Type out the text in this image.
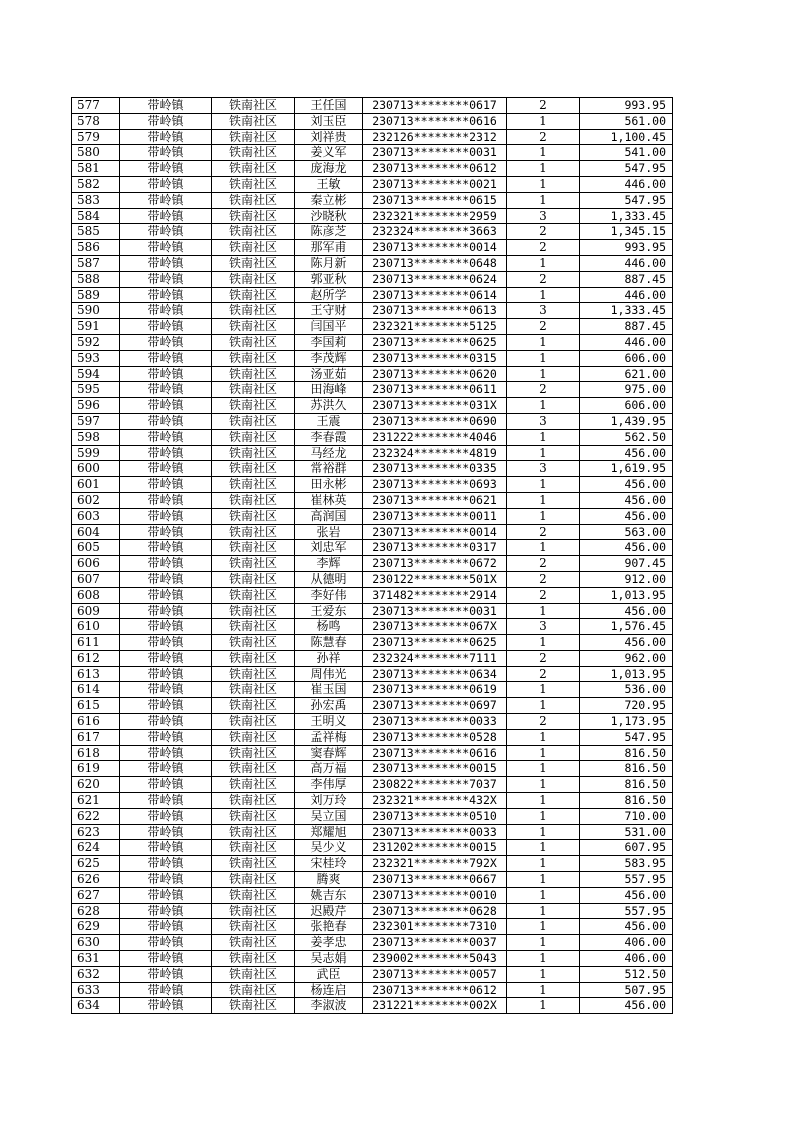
577	带岭镇	铁南社区	王任国	230713********0617	2	993.95
578	带岭镇	铁南社区	刘玉臣	230713********0616	1	561.00
579	带岭镇	铁南社区	刘祥贵	232126********2312	2	1,100.45
580	带岭镇	铁南社区	姜义军	230713********0031	1	541.00
581	带岭镇	铁南社区	庞海龙	230713********0612	1	547.95
582	带岭镇	铁南社区	王敏	230713********0021	1	446.00
583	带岭镇	铁南社区	秦立彬	230713********0615	1	547.95
584	带岭镇	铁南社区	沙晓秋	232321********2959	3	1,333.45
585	带岭镇	铁南社区	陈彦芝	232324********3663	2	1,345.15
586	带岭镇	铁南社区	那军甫	230713********0014	2	993.95
587	带岭镇	铁南社区	陈月新	230713********0648	1	446.00
588	带岭镇	铁南社区	郭亚秋	230713********0624	2	887.45
589	带岭镇	铁南社区	赵所学	230713********0614	1	446.00
590	带岭镇	铁南社区	王守财	230713********0613	3	1,333.45
591	带岭镇	铁南社区	闫国平	232321********5125	2	887.45
592	带岭镇	铁南社区	李国莉	230713********0625	1	446.00
593	带岭镇	铁南社区	李茂辉	230713********0315	1	606.00
594	带岭镇	铁南社区	汤亚茹	230713********0620	1	621.00
595	带岭镇	铁南社区	田海峰	230713********0611	2	975.00
596	带岭镇	铁南社区	苏洪久	230713********031X	1	606.00
597	带岭镇	铁南社区	王震	230713********0690	3	1,439.95
598	带岭镇	铁南社区	李春霞	231222********4046	1	562.50
599	带岭镇	铁南社区	马经龙	232324********4819	1	456.00
600	带岭镇	铁南社区	常裕群	230713********0335	3	1,619.95
601	带岭镇	铁南社区	田永彬	230713********0693	1	456.00
602	带岭镇	铁南社区	崔林英	230713********0621	1	456.00
603	带岭镇	铁南社区	高润国	230713********0011	1	456.00
604	带岭镇	铁南社区	张岩	230713********0014	2	563.00
605	带岭镇	铁南社区	刘忠军	230713********0317	1	456.00
606	带岭镇	铁南社区	李辉	230713********0672	2	907.45
607	带岭镇	铁南社区	从德明	230122********501X	2	912.00
608	带岭镇	铁南社区	李好伟	371482********2914	2	1,013.95
609	带岭镇	铁南社区	王爱东	230713********0031	1	456.00
610	带岭镇	铁南社区	杨鸣	230713********067X	3	1,576.45
611	带岭镇	铁南社区	陈慧春	230713********0625	1	456.00
612	带岭镇	铁南社区	孙祥	232324********7111	2	962.00
613	带岭镇	铁南社区	周伟光	230713********0634	2	1,013.95
614	带岭镇	铁南社区	崔玉国	230713********0619	1	536.00
615	带岭镇	铁南社区	孙宏禹	230713********0697	1	720.95
616	带岭镇	铁南社区	王明义	230713********0033	2	1,173.95
617	带岭镇	铁南社区	孟祥梅	230713********0528	1	547.95
618	带岭镇	铁南社区	窦春辉	230713********0616	1	816.50
619	带岭镇	铁南社区	高万福	230713********0015	1	816.50
620	带岭镇	铁南社区	李伟厚	230822********7037	1	816.50
621	带岭镇	铁南社区	刘万玲	232321********432X	1	816.50
622	带岭镇	铁南社区	吴立国	230713********0510	1	710.00
623	带岭镇	铁南社区	郑耀旭	230713********0033	1	531.00
624	带岭镇	铁南社区	吴少义	231202********0015	1	607.95
625	带岭镇	铁南社区	宋桂玲	232321********792X	1	583.95
626	带岭镇	铁南社区	腾爽	230713********0667	1	557.95
627	带岭镇	铁南社区	姚吉东	230713********0010	1	456.00
628	带岭镇	铁南社区	迟殿芹	230713********0628	1	557.95
629	带岭镇	铁南社区	张艳春	232301********7310	1	456.00
630	带岭镇	铁南社区	姜孝忠	230713********0037	1	406.00
631	带岭镇	铁南社区	吴志娟	239002********5043	1	406.00
632	带岭镇	铁南社区	武臣	230713********0057	1	512.50
633	带岭镇	铁南社区	杨连启	230713********0612	1	507.95
634	带岭镇	铁南社区	李淑波	231221********002X	1	456.00
